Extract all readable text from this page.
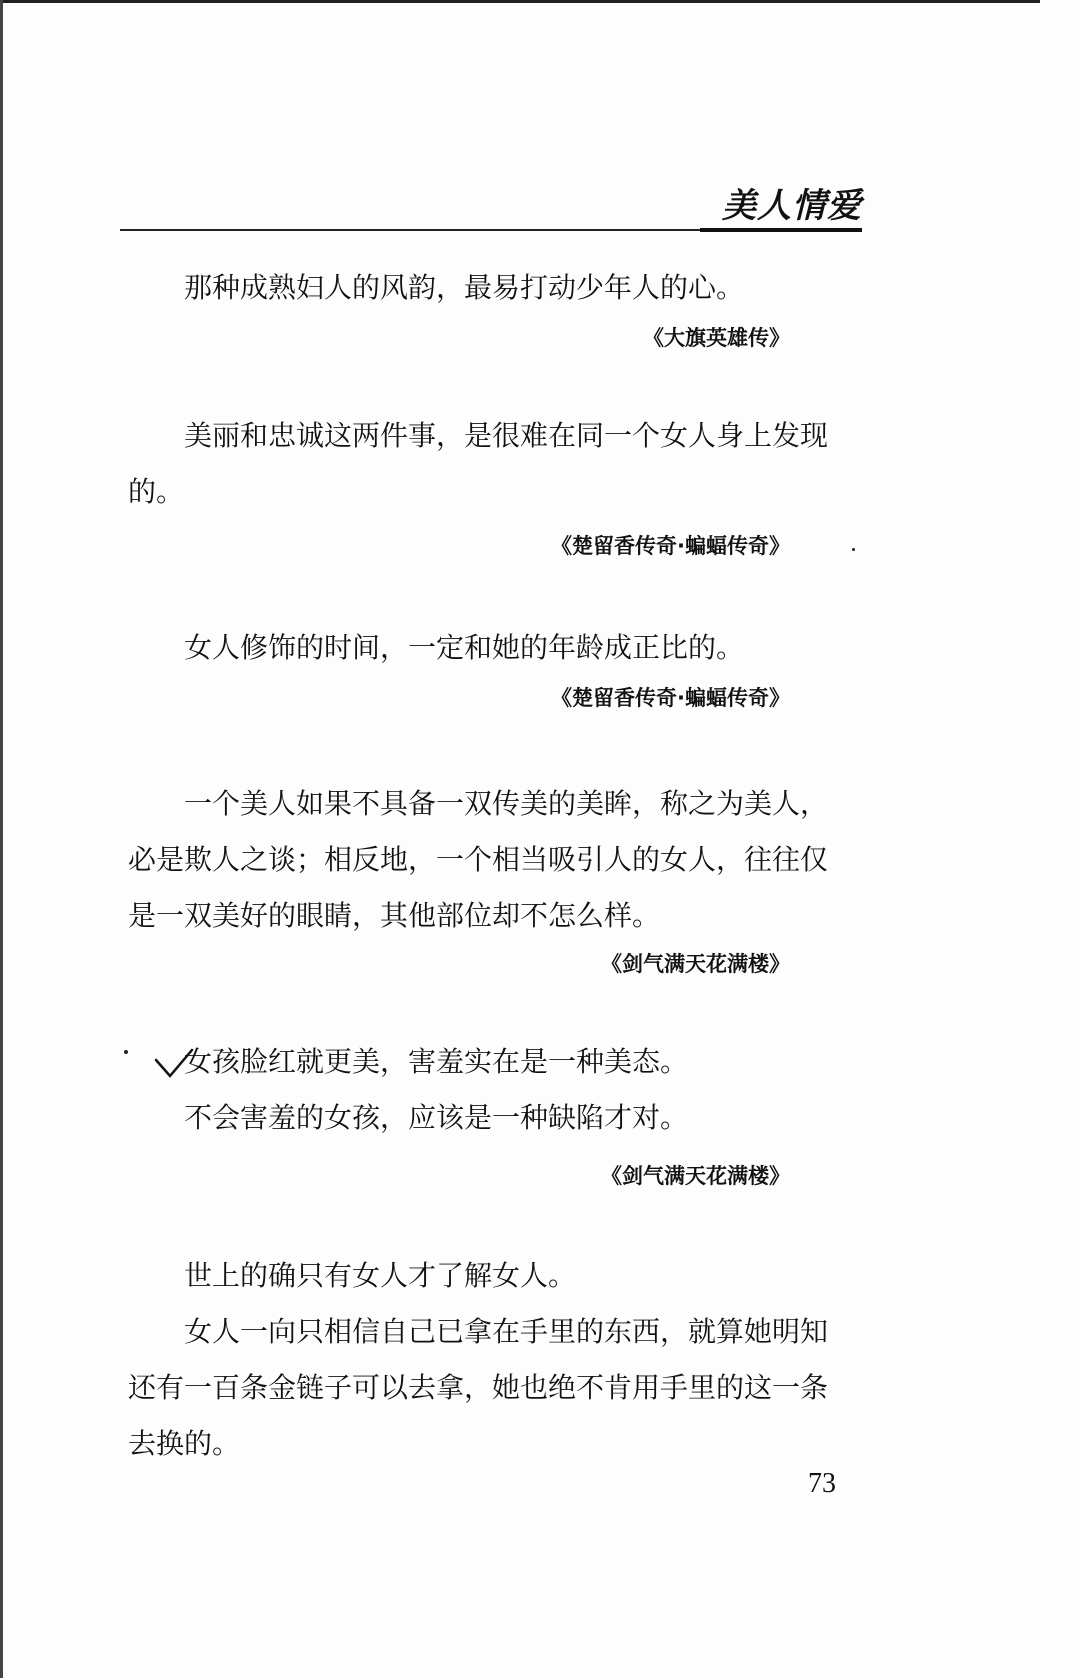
美人情爱

那种成熟妇人的风韵，最易打动少年人的心。

《大旗英雄传》

美丽和忠诚这两件事，是很难在同一个女人身上发现
的。

《楚留香传奇·蝙蝠传奇》

女人修饰的时间，一定和她的年龄成正比的。

《楚留香传奇·蝙蝠传奇》

一个美人如果不具备一双传美的美眸，称之为美人，
必是欺人之谈；相反地，一个相当吸引人的女人，往往仅
是一双美好的眼睛，其他部位却不怎么样。

《剑气满天花满楼》

女孩脸红就更美，害羞实在是一种美态。
不会害羞的女孩，应该是一种缺陷才对。

《剑气满天花满楼》

世上的确只有女人才了解女人。
女人一向只相信自己已拿在手里的东西，就算她明知
还有一百条金链子可以去拿，她也绝不肯用手里的这一条
去换的。

73
